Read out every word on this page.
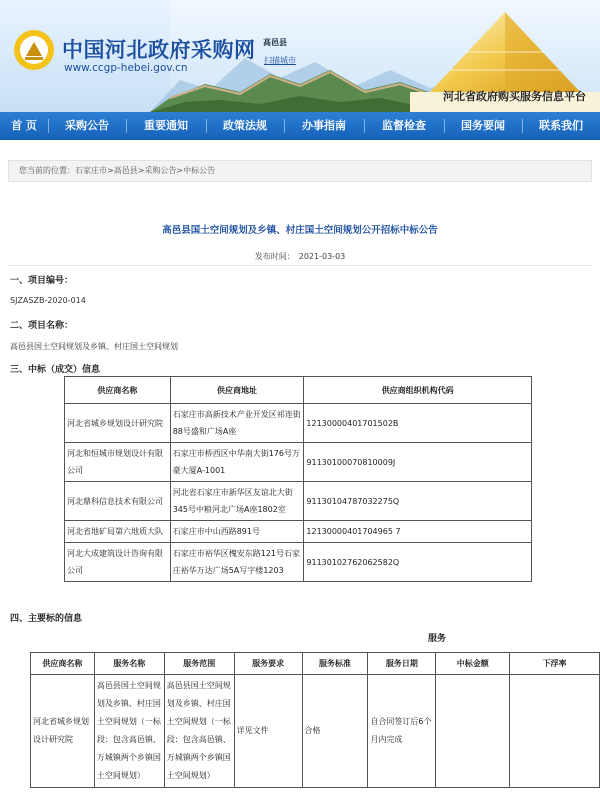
中国河北政府采购网
www.ccgp-hebei.gov.cn
高邑县
扫描城市
河北省政府购买服务信息平台
首 页	采购公告	重要通知	政策法规	办事指南	监督检查	国务要闻	联系我们
您当前的位置：石家庄市>高邑县>采购公告>中标公告
高邑县国土空间规划及乡镇、村庄国土空间规划公开招标中标公告
发布时间： 2021-03-03
一、项目编号：
SJZASZB-2020-014
二、项目名称：
高邑县国土空间规划及乡镇、村庄国土空间规划
三、中标（成交）信息
供应商名称	供应商地址	供应商组织机构代码
河北省城乡规划设计研究院	石家庄市高新技术产业开发区祁连街88号盛和广场A座	12130000401701502B
河北和恒城市规划设计有限公司	石家庄市桥西区中华南大街176号万豪大厦A-1001	91130100070810009J
河北鼎科信息技术有限公司	河北省石家庄市新华区友谊北大街345号中粮河北广场A座1802室	91130104787032275Q
河北省地矿局第六地质大队	石家庄市中山西路891号	12130000401704965 7
河北大成建筑设计咨询有限公司	石家庄市裕华区槐安东路121号石家庄裕华万达广场5A写字楼1203	91130102762062582Q
四、主要标的信息
服务
供应商名称	服务名称	服务范围	服务要求	服务标准	服务日期	中标金额	下浮率
河北省城乡规划设计研究院	高邑县国土空间规划及乡镇、村庄国土空间规划（一标段：包含高邑镇、万城镇两个乡镇国土空间规划）	高邑县国土空间规划及乡镇、村庄国土空间规划（一标段：包含高邑镇、万城镇两个乡镇国土空间规划）	详见文件	合格	自合同签订后6个月内完成		
